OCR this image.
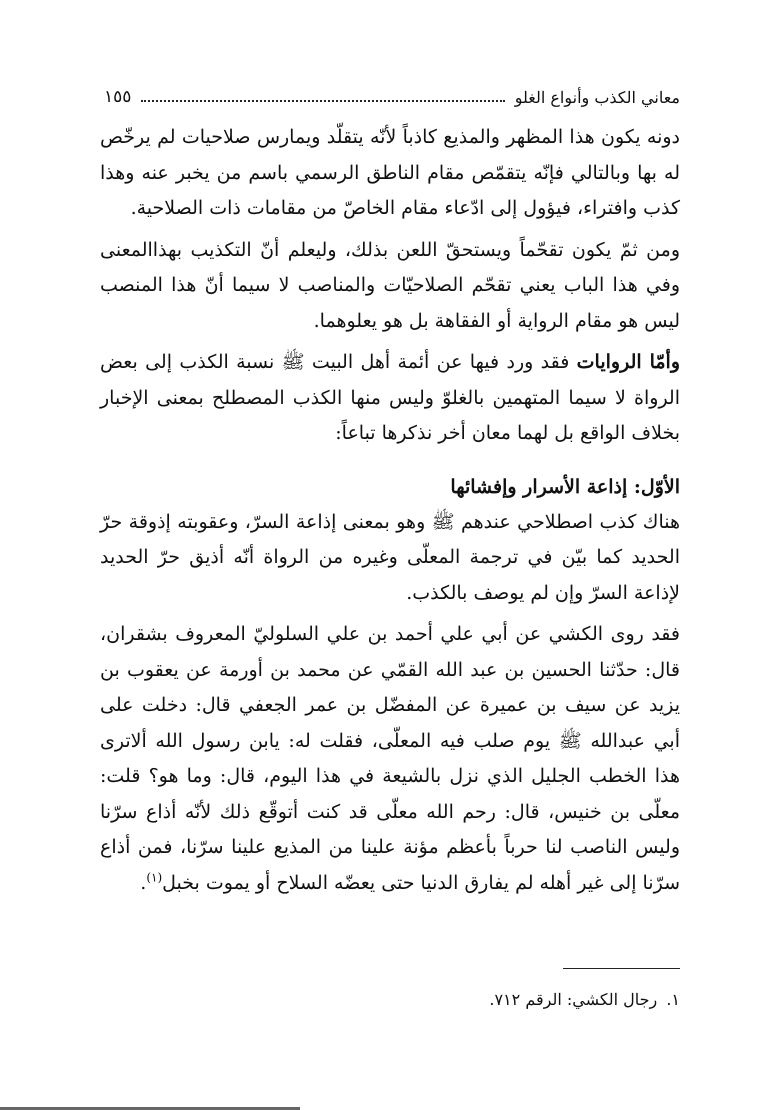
معاني الكذب وأنواع الغلو
١٥٥

دونه يكون هذا المظهر والمذيع كاذباً لأنّه يتقلّد ويمارس صلاحيات لم يرخّص له بها وبالتالي فإنّه يتقمّص مقام الناطق الرسمي باسم من يخبر عنه وهذا كذب وافتراء، فيؤول إلى ادّعاء مقام الخاصّ من مقامات ذات الصلاحية.

ومن ثمّ يكون تقحّماً ويستحقّ اللعن بذلك، وليعلم أنّ التكذيب بهذاالمعنى وفي هذا الباب يعني تقحّم الصلاحيّات والمناصب لا سيما أنّ هذا المنصب ليس هو مقام الرواية أو الفقاهة بل هو يعلوهما.

وأمّا الروايات فقد ورد فيها عن أئمة أهل البيت ﷺ نسبة الكذب إلى بعض الرواة لا سيما المتهمين بالغلوّ وليس منها الكذب المصطلح بمعنى الإخبار بخلاف الواقع بل لهما معان أخر نذكرها تباعاً:

الأوّل: إذاعة الأسرار وإفشائها

هناك كذب اصطلاحي عندهم ﷺ وهو بمعنى إذاعة السرّ، وعقوبته إذوقة حرّ الحديد كما بيّن في ترجمة المعلّى وغيره من الرواة أنّه أذيق حرّ الحديد لإذاعة السرّ وإن لم يوصف بالكذب.

فقد روى الكشي عن أبي علي أحمد بن علي السلوليّ المعروف بشقران، قال: حدّثنا الحسين بن عبد الله القمّي عن محمد بن أورمة عن يعقوب بن يزيد عن سيف بن عميرة عن المفضّل بن عمر الجعفي قال: دخلت على أبي عبدالله ﷺ يوم صلب فيه المعلّى، فقلت له: يابن رسول الله ألاترى هذا الخطب الجليل الذي نزل بالشيعة في هذا اليوم، قال: وما هو؟ قلت: معلّى بن خنيس، قال: رحم الله معلّى قد كنت أتوقّع ذلك لأنّه أذاع سرّنا وليس الناصب لنا حرباً بأعظم مؤنة علينا من المذيع علينا سرّنا، فمن أذاع سرّنا إلى غير أهله لم يفارق الدنيا حتى يعضّه السلاح أو يموت بخبل$^{(١)}$.

١. رجال الكشي: الرقم ٧١٢.
